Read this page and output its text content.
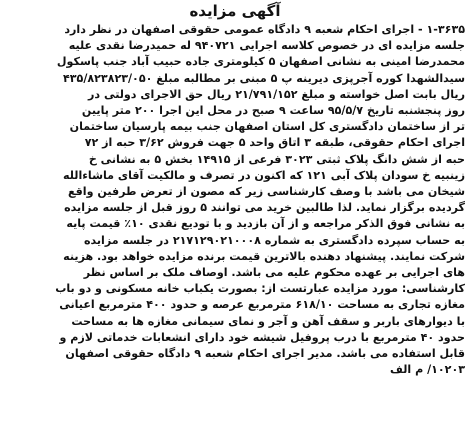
آگهی مزایده
۱-۳۶۳۵ - اجرای احکام شعبه ۹ دادگاه عمومی حقوقی اصفهان در نظر دارد
جلسه مزایده ای در خصوص کلاسه اجرایی ۹۴۰۷۲۱ له حمیدرضا نقدی علیه
محمدرضا امینی به نشانی اصفهان ۵ کیلومتری جاده حبیب آباد جنب پاسکول
سیدالشهدا کوره آجرپزی دیرینه پ ۵ مبنی بر مطالبه مبلغ ۴۳۵/۸۲۳۸۲۳/۰۵۰
ریال بابت اصل خواسته و مبلغ ۲۱/۷۹۱/۱۵۲ ریال حق الاجرای دولتی در
روز پنجشنبه تاریخ ۹۵/۵/۷ ساعت ۹ صبح در محل این اجرا ۲۰۰ متر پایین
تر از ساختمان دادگستری کل استان اصفهان جنب بیمه پارسیان ساختمان
اجرای احکام حقوقی، طبقه ۳ اتاق واحد ۵ جهت فروش ۳/۶۲ حبه از ۷۲
حبه از شش دانگ پلاک ثبتی ۳۰۲۳ فرعی از ۱۴۹۱۵ بخش ۵ به نشانی خ
زینبیه خ سودان پلاک آبی ۱۲۱ که اکنون در تصرف و مالکیت آقای ماشاءالله
شیخان می باشد با وصف کارشناسی زیر که مصون از تعرض طرفین واقع
گردیده برگزار نماید. لذا طالبین خرید می توانند ۵ روز قبل از جلسه مزایده
به نشانی فوق الذکر مراجعه و از آن بازدید و با تودیع نقدی ۱۰٪ قیمت پایه
به حساب سپرده دادگستری به شماره ۲۱۷۱۲۹۰۲۱۰۰۰۸ در جلسه مزایده
شرکت نمایند. پیشنهاد دهنده بالاترین قیمت برنده مزایده خواهد بود. هزینه
های اجرایی بر عهده محکوم علیه می باشد. اوصاف ملک بر اساس نظر
کارشناسی: مورد مزایده عبارتست از: بصورت یکباب خانه مسکونی و دو باب
مغازه تجاری به مساحت ۶۱۸/۱۰ مترمربع عرصه و حدود ۴۰۰ مترمربع اعیانی
با دیوارهای باربر و سقف آهن و آجر و نمای سیمانی مغازه ها به مساحت
حدود ۴۰ مترمربع با درب پروفیل شیشه خود دارای انشعابات خدماتی لازم و
قابل استفاده می باشد. مدیر اجرای احکام شعبه ۹ دادگاه حقوقی اصفهان
۱۰۲۰۳/ م الف
